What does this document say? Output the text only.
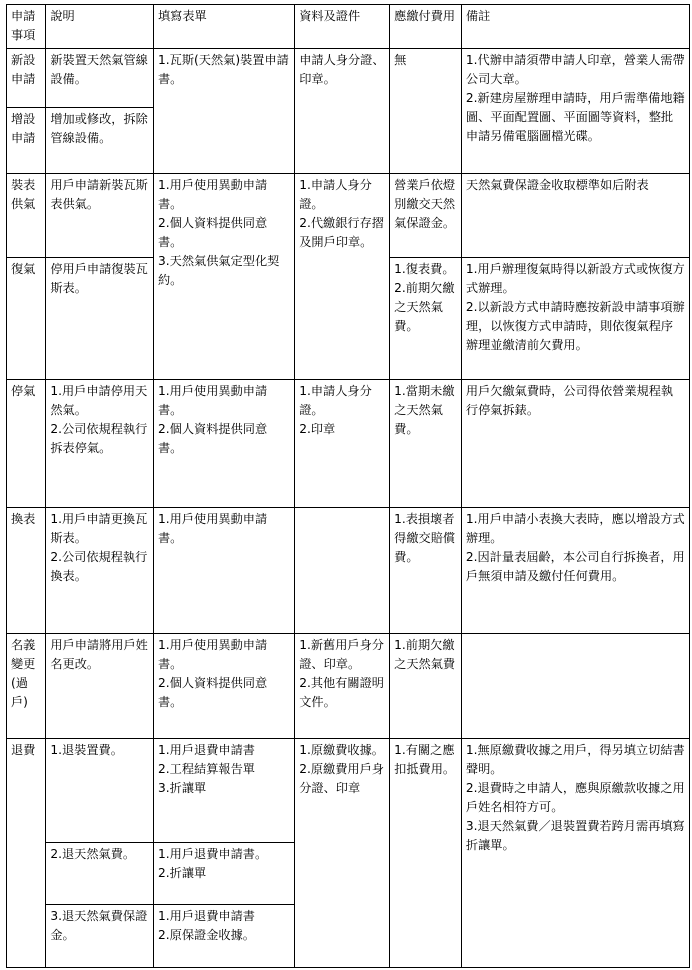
申請事項	說明	填寫表單	資料及證件	應繳付費用	備註
新設申請	新裝置天然氣管線設備。	1.瓦斯(天然氣)裝置申請書。	申請人身分證、印章。	無	1.代辦申請須帶申請人印章，營業人需帶公司大章。
2.新建房屋辦理申請時，用戶需準備地籍圖、平面配置圖、平面圖等資料，整批申請另備電腦圖檔光碟。

增設申請	增加或修改，拆除管線設備。				
裝表供氣	用戶申請新裝瓦斯表供氣。	1.用戶使用異動申請書。
2.個人資料提供同意書。
3.天然氣供氣定型化契約。	1.申請人身分證。
2.代繳銀行存摺及開戶印章。	營業戶依燈別繳交天然氣保證金。	天然氣費保證金收取標準如后附表
復氣	停用戶申請復裝瓦斯表。			1.復表費。
2.前期欠繳之天然氣費。	1.用戶辦理復氣時得以新設方式或恢復方式辦理。
2.以新設方式申請時應按新設申請事項辦理，以恢復方式申請時，則依復氣程序辦理並繳清前欠費用。

停氣	1.用戶申請停用天然氣。
2.公司依規程執行拆表停氣。	1.用戶使用異動申請書。
2.個人資料提供同意書。	1.申請人身分證。
2.印章	1.當期未繳之天然氣費。	用戶欠繳氣費時，公司得依營業規程執行停氣拆錶。
換表	1.用戶申請更換瓦斯表。
2.公司依規程執行換表。	1.用戶使用異動申請書。		1.表損壞者得繳交賠償費。	1.用戶申請小表換大表時，應以增設方式辦理。
2.因計量表屆齡，本公司自行拆換者，用戶無須申請及繳付任何費用。

名義變更(過戶)	用戶申請將用戶姓名更改。	1.用戶使用異動申請書。
2.個人資料提供同意書。	1.新舊用戶身分證、印章。
2.其他有關證明文件。	1.前期欠繳之天然氣費	
退費	1.退裝置費。	1.用戶退費申請書
2.工程結算報告單
3.折讓單	1.原繳費收據。
2.原繳費用戶身分證、印章	1.有關之應扣抵費用。	1.無原繳費收據之用戶，得另填立切結書聲明。
2.退費時之申請人，應與原繳款收據之用戶姓名相符方可。
3.退天然氣費／退裝置費若跨月需再填寫折讓單。

	2.退天然氣費。	1.用戶退費申請書。
2.折讓單			

	3.退天然氣費保證金。	1.用戶退費申請書
2.原保證金收據。			
